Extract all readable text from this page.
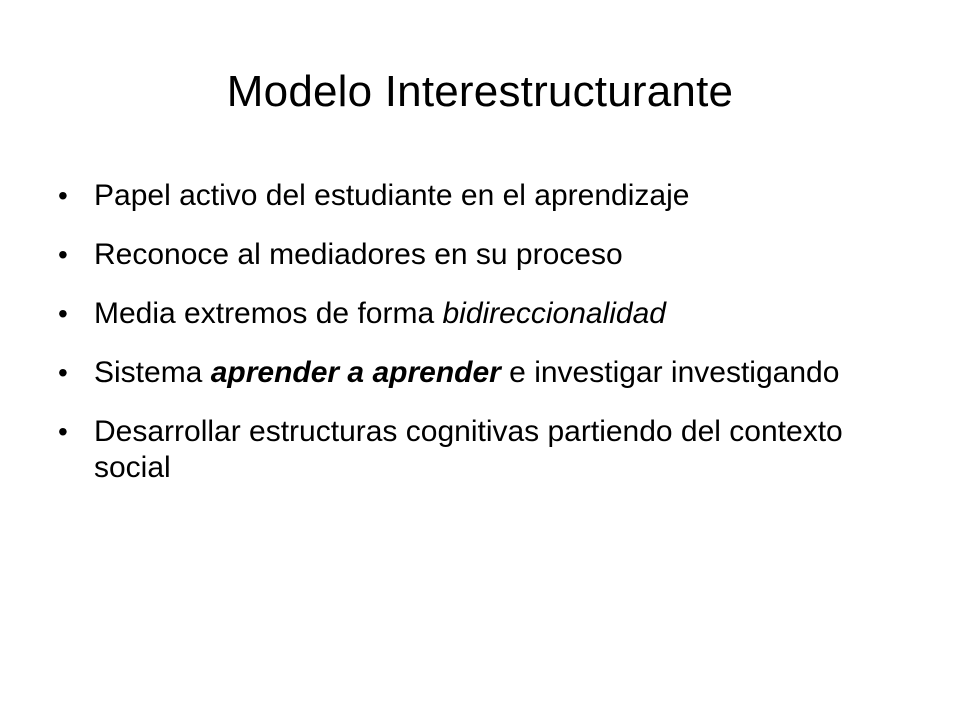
Modelo Interestructurante
• Papel activo del estudiante en el aprendizaje
• Reconoce al mediadores en su proceso
• Media extremos de forma bidireccionalidad
• Sistema aprender a aprender e investigar investigando
• Desarrollar estructuras cognitivas partiendo del contexto social
